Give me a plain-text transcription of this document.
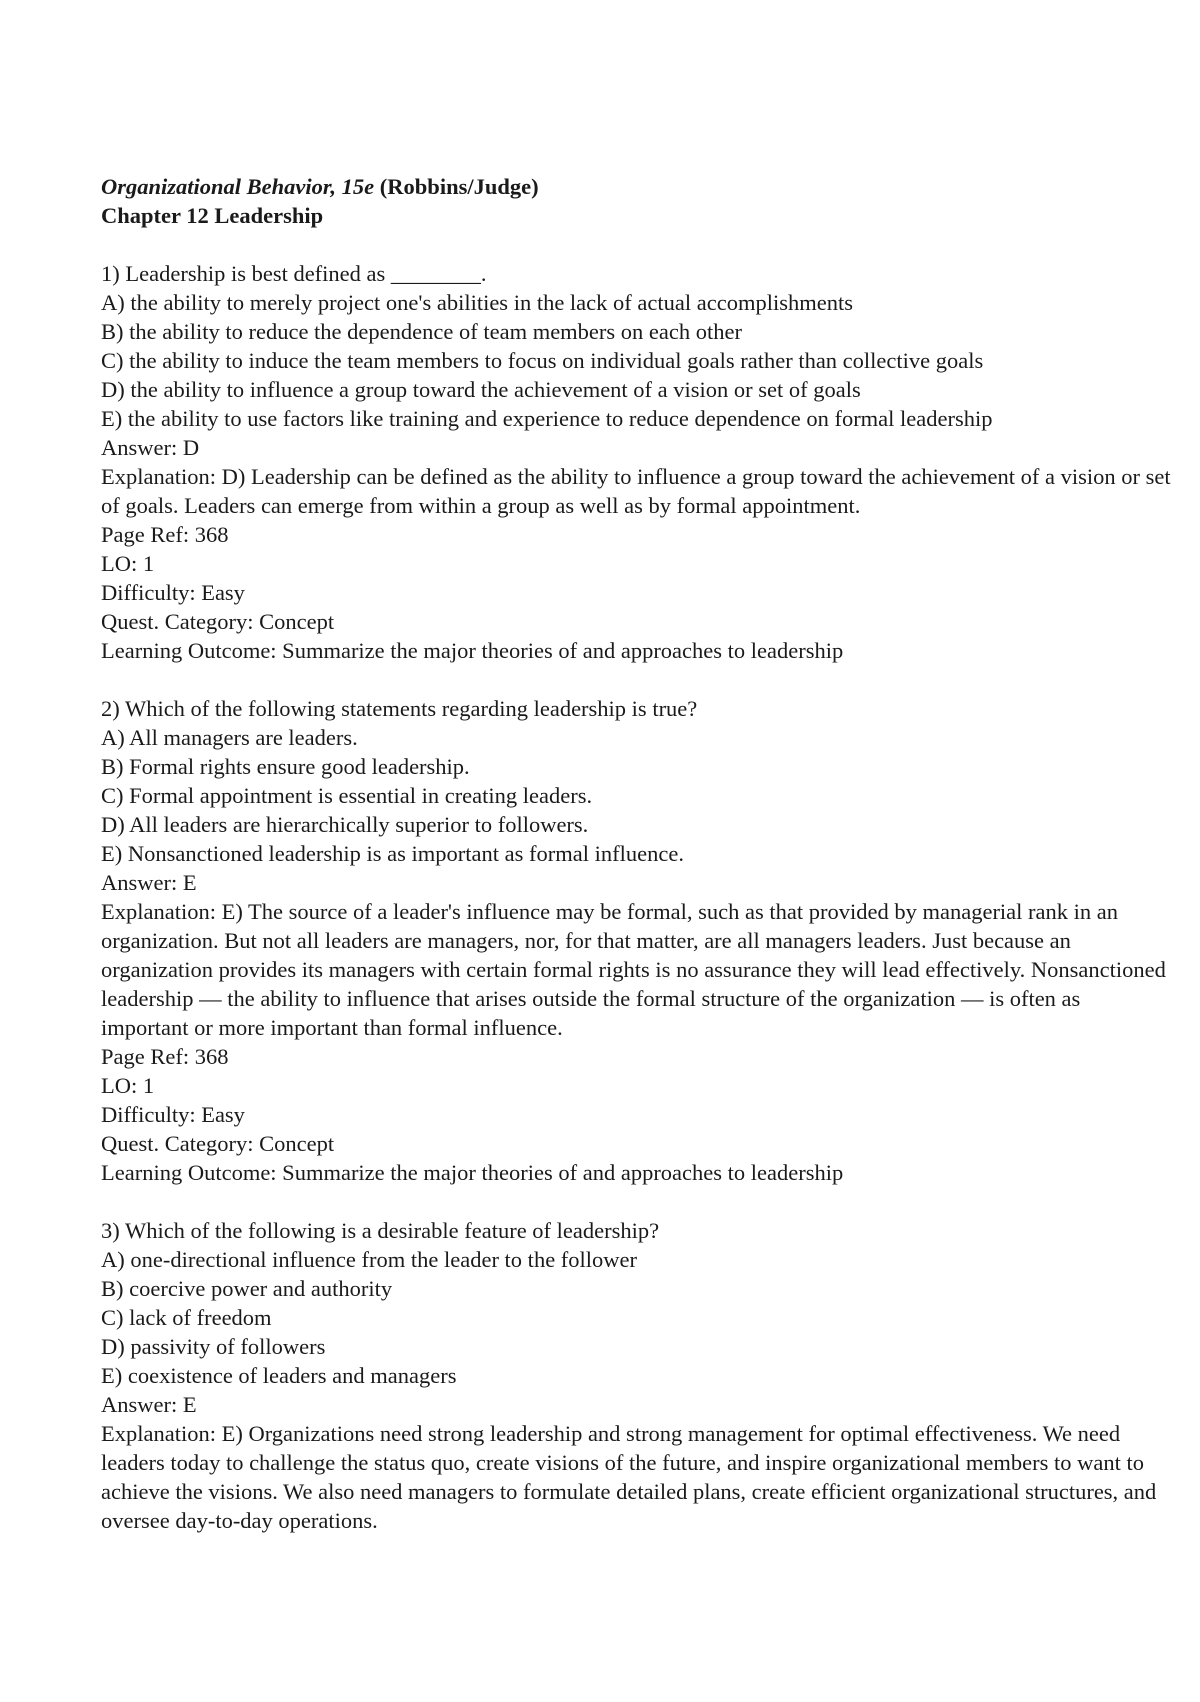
Organizational Behavior, 15e (Robbins/Judge)
Chapter 12 Leadership
1) Leadership is best defined as ________.
A) the ability to merely project one's abilities in the lack of actual accomplishments
B) the ability to reduce the dependence of team members on each other
C) the ability to induce the team members to focus on individual goals rather than collective goals
D) the ability to influence a group toward the achievement of a vision or set of goals
E) the ability to use factors like training and experience to reduce dependence on formal leadership
Answer: D
Explanation: D) Leadership can be defined as the ability to influence a group toward the achievement of a vision or set of goals. Leaders can emerge from within a group as well as by formal appointment.
Page Ref: 368
LO: 1
Difficulty: Easy
Quest. Category: Concept
Learning Outcome: Summarize the major theories of and approaches to leadership
2) Which of the following statements regarding leadership is true?
A) All managers are leaders.
B) Formal rights ensure good leadership.
C) Formal appointment is essential in creating leaders.
D) All leaders are hierarchically superior to followers.
E) Nonsanctioned leadership is as important as formal influence.
Answer: E
Explanation: E) The source of a leader's influence may be formal, such as that provided by managerial rank in an organization. But not all leaders are managers, nor, for that matter, are all managers leaders. Just because an organization provides its managers with certain formal rights is no assurance they will lead effectively. Nonsanctioned leadership — the ability to influence that arises outside the formal structure of the organization — is often as important or more important than formal influence.
Page Ref: 368
LO: 1
Difficulty: Easy
Quest. Category: Concept
Learning Outcome: Summarize the major theories of and approaches to leadership
3) Which of the following is a desirable feature of leadership?
A) one-directional influence from the leader to the follower
B) coercive power and authority
C) lack of freedom
D) passivity of followers
E) coexistence of leaders and managers
Answer: E
Explanation: E) Organizations need strong leadership and strong management for optimal effectiveness. We need leaders today to challenge the status quo, create visions of the future, and inspire organizational members to want to achieve the visions. We also need managers to formulate detailed plans, create efficient organizational structures, and oversee day-to-day operations.
